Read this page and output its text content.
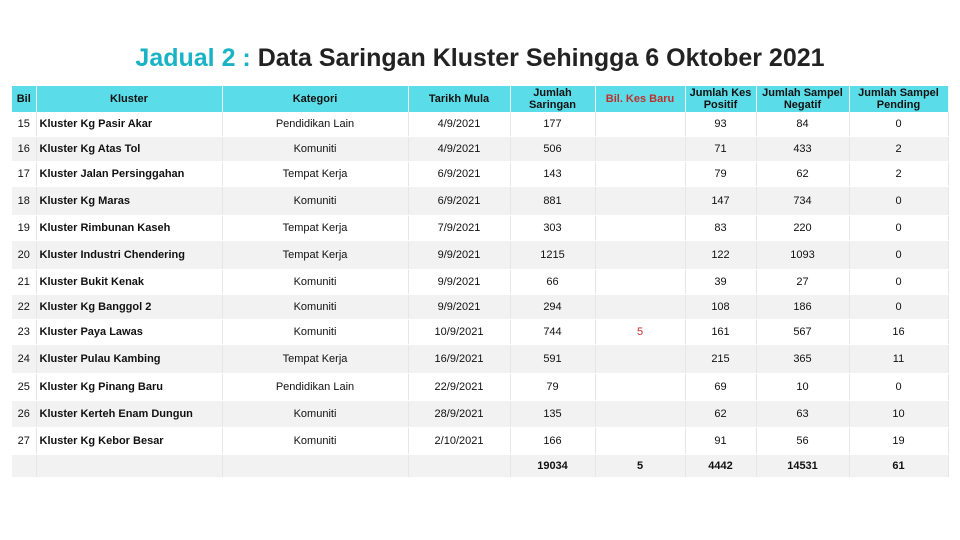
Jadual 2 : Data Saringan Kluster Sehingga 6 Oktober 2021
Bil	Kluster	Kategori	Tarikh Mula	Jumlah Saringan	Bil. Kes Baru	Jumlah Kes Positif	Jumlah Sampel Negatif	Jumlah Sampel Pending
15	Kluster Kg Pasir Akar	Pendidikan Lain	4/9/2021	177		93	84	0
16	Kluster Kg Atas Tol	Komuniti	4/9/2021	506		71	433	2
17	Kluster Jalan Persinggahan	Tempat Kerja	6/9/2021	143		79	62	2
18	Kluster Kg Maras	Komuniti	6/9/2021	881		147	734	0
19	Kluster Rimbunan Kaseh	Tempat Kerja	7/9/2021	303		83	220	0
20	Kluster Industri Chendering	Tempat Kerja	9/9/2021	1215		122	1093	0
21	Kluster Bukit Kenak	Komuniti	9/9/2021	66		39	27	0
22	Kluster Kg Banggol 2	Komuniti	9/9/2021	294		108	186	0
23	Kluster Paya Lawas	Komuniti	10/9/2021	744	5	161	567	16
24	Kluster Pulau Kambing	Tempat Kerja	16/9/2021	591		215	365	11
25	Kluster Kg Pinang Baru	Pendidikan Lain	22/9/2021	79		69	10	0
26	Kluster Kerteh Enam Dungun	Komuniti	28/9/2021	135		62	63	10
27	Kluster Kg Kebor Besar	Komuniti	2/10/2021	166		91	56	19
				19034	5	4442	14531	61
